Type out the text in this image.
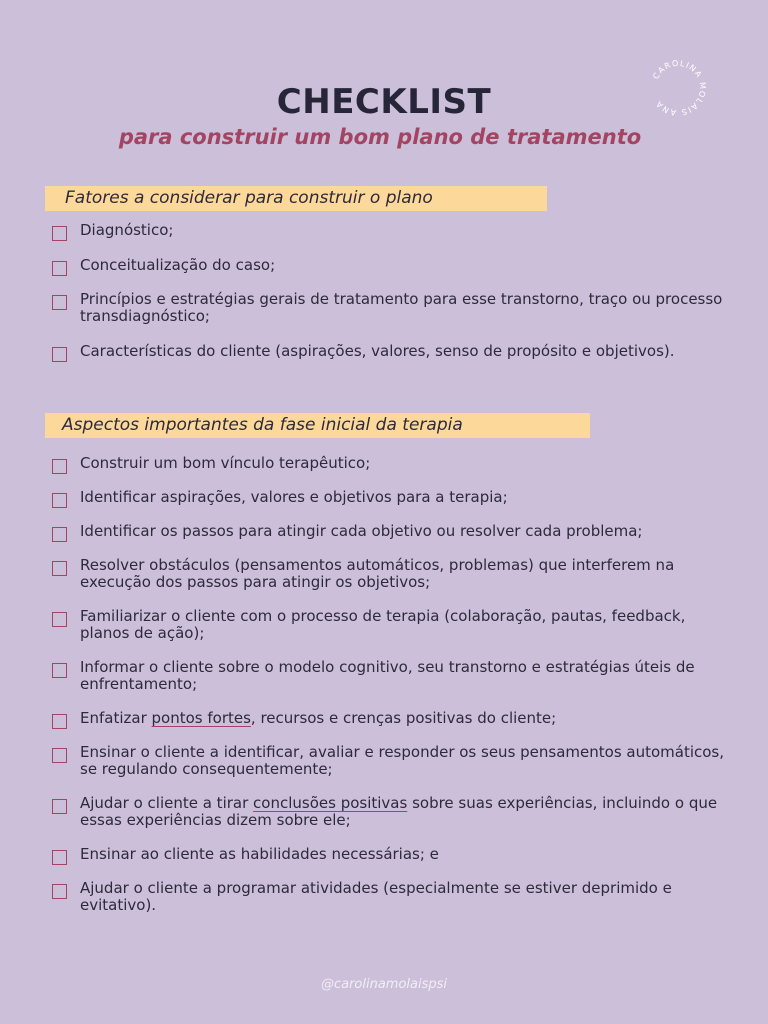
CAROLINA MOLAIS ANA
CHECKLIST
para construir um bom plano de tratamento
Fatores a considerar para construir o plano
Diagnóstico;
Conceitualização do caso;
Princípios e estratégias gerais de tratamento para esse transtorno, traço ou processo transdiagnóstico;
Características do cliente (aspirações, valores, senso de propósito e objetivos).
Aspectos importantes da fase inicial da terapia
Construir um bom vínculo terapêutico;
Identificar aspirações, valores e objetivos para a terapia;
Identificar os passos para atingir cada objetivo ou resolver cada problema;
Resolver obstáculos (pensamentos automáticos, problemas) que interferem na execução dos passos para atingir os objetivos;
Familiarizar o cliente com o processo de terapia (colaboração, pautas, feedback, planos de ação);
Informar o cliente sobre o modelo cognitivo, seu transtorno e estratégias úteis de enfrentamento;
Enfatizar pontos fortes, recursos e crenças positivas do cliente;
Ensinar o cliente a identificar, avaliar e responder os seus pensamentos automáticos, se regulando consequentemente;
Ajudar o cliente a tirar conclusões positivas sobre suas experiências, incluindo o que essas experiências dizem sobre ele;
Ensinar ao cliente as habilidades necessárias; e
Ajudar o cliente a programar atividades (especialmente se estiver deprimido e evitativo).
@carolinamolaispsi
